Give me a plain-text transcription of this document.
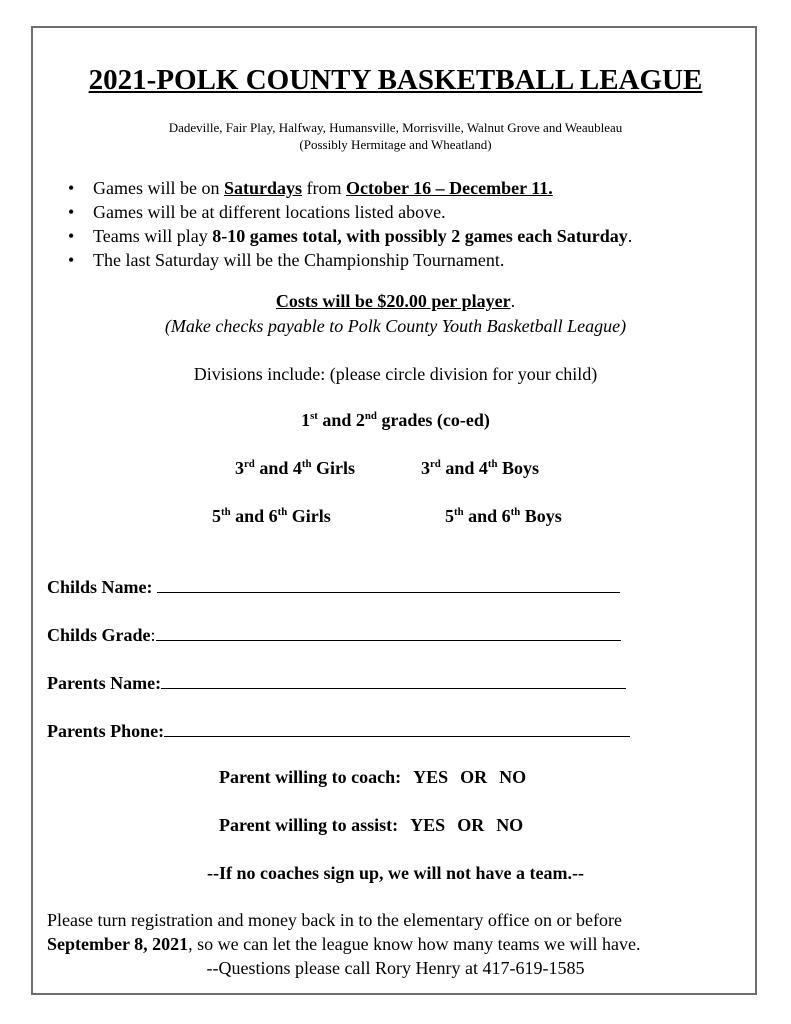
2021-POLK COUNTY BASKETBALL LEAGUE
Dadeville, Fair Play, Halfway, Humansville, Morrisville, Walnut Grove and Weaubleau
(Possibly Hermitage and Wheatland)
• Games will be on Saturdays from October 16 – December 11.
• Games will be at different locations listed above.
• Teams will play 8-10 games total, with possibly 2 games each Saturday.
• The last Saturday will be the Championship Tournament.
Costs will be $20.00 per player.
(Make checks payable to Polk County Youth Basketball League)
Divisions include: (please circle division for your child)
1st and 2nd grades (co-ed)
3rd and 4th Girls	3rd and 4th Boys
5th and 6th Girls	5th and 6th Boys
Childs Name:
Childs Grade:
Parents Name:
Parents Phone:
Parent willing to coach: YES OR NO
Parent willing to assist: YES OR NO
--If no coaches sign up, we will not have a team.--
Please turn registration and money back in to the elementary office on or before
September 8, 2021, so we can let the league know how many teams we will have.
--Questions please call Rory Henry at 417-619-1585
